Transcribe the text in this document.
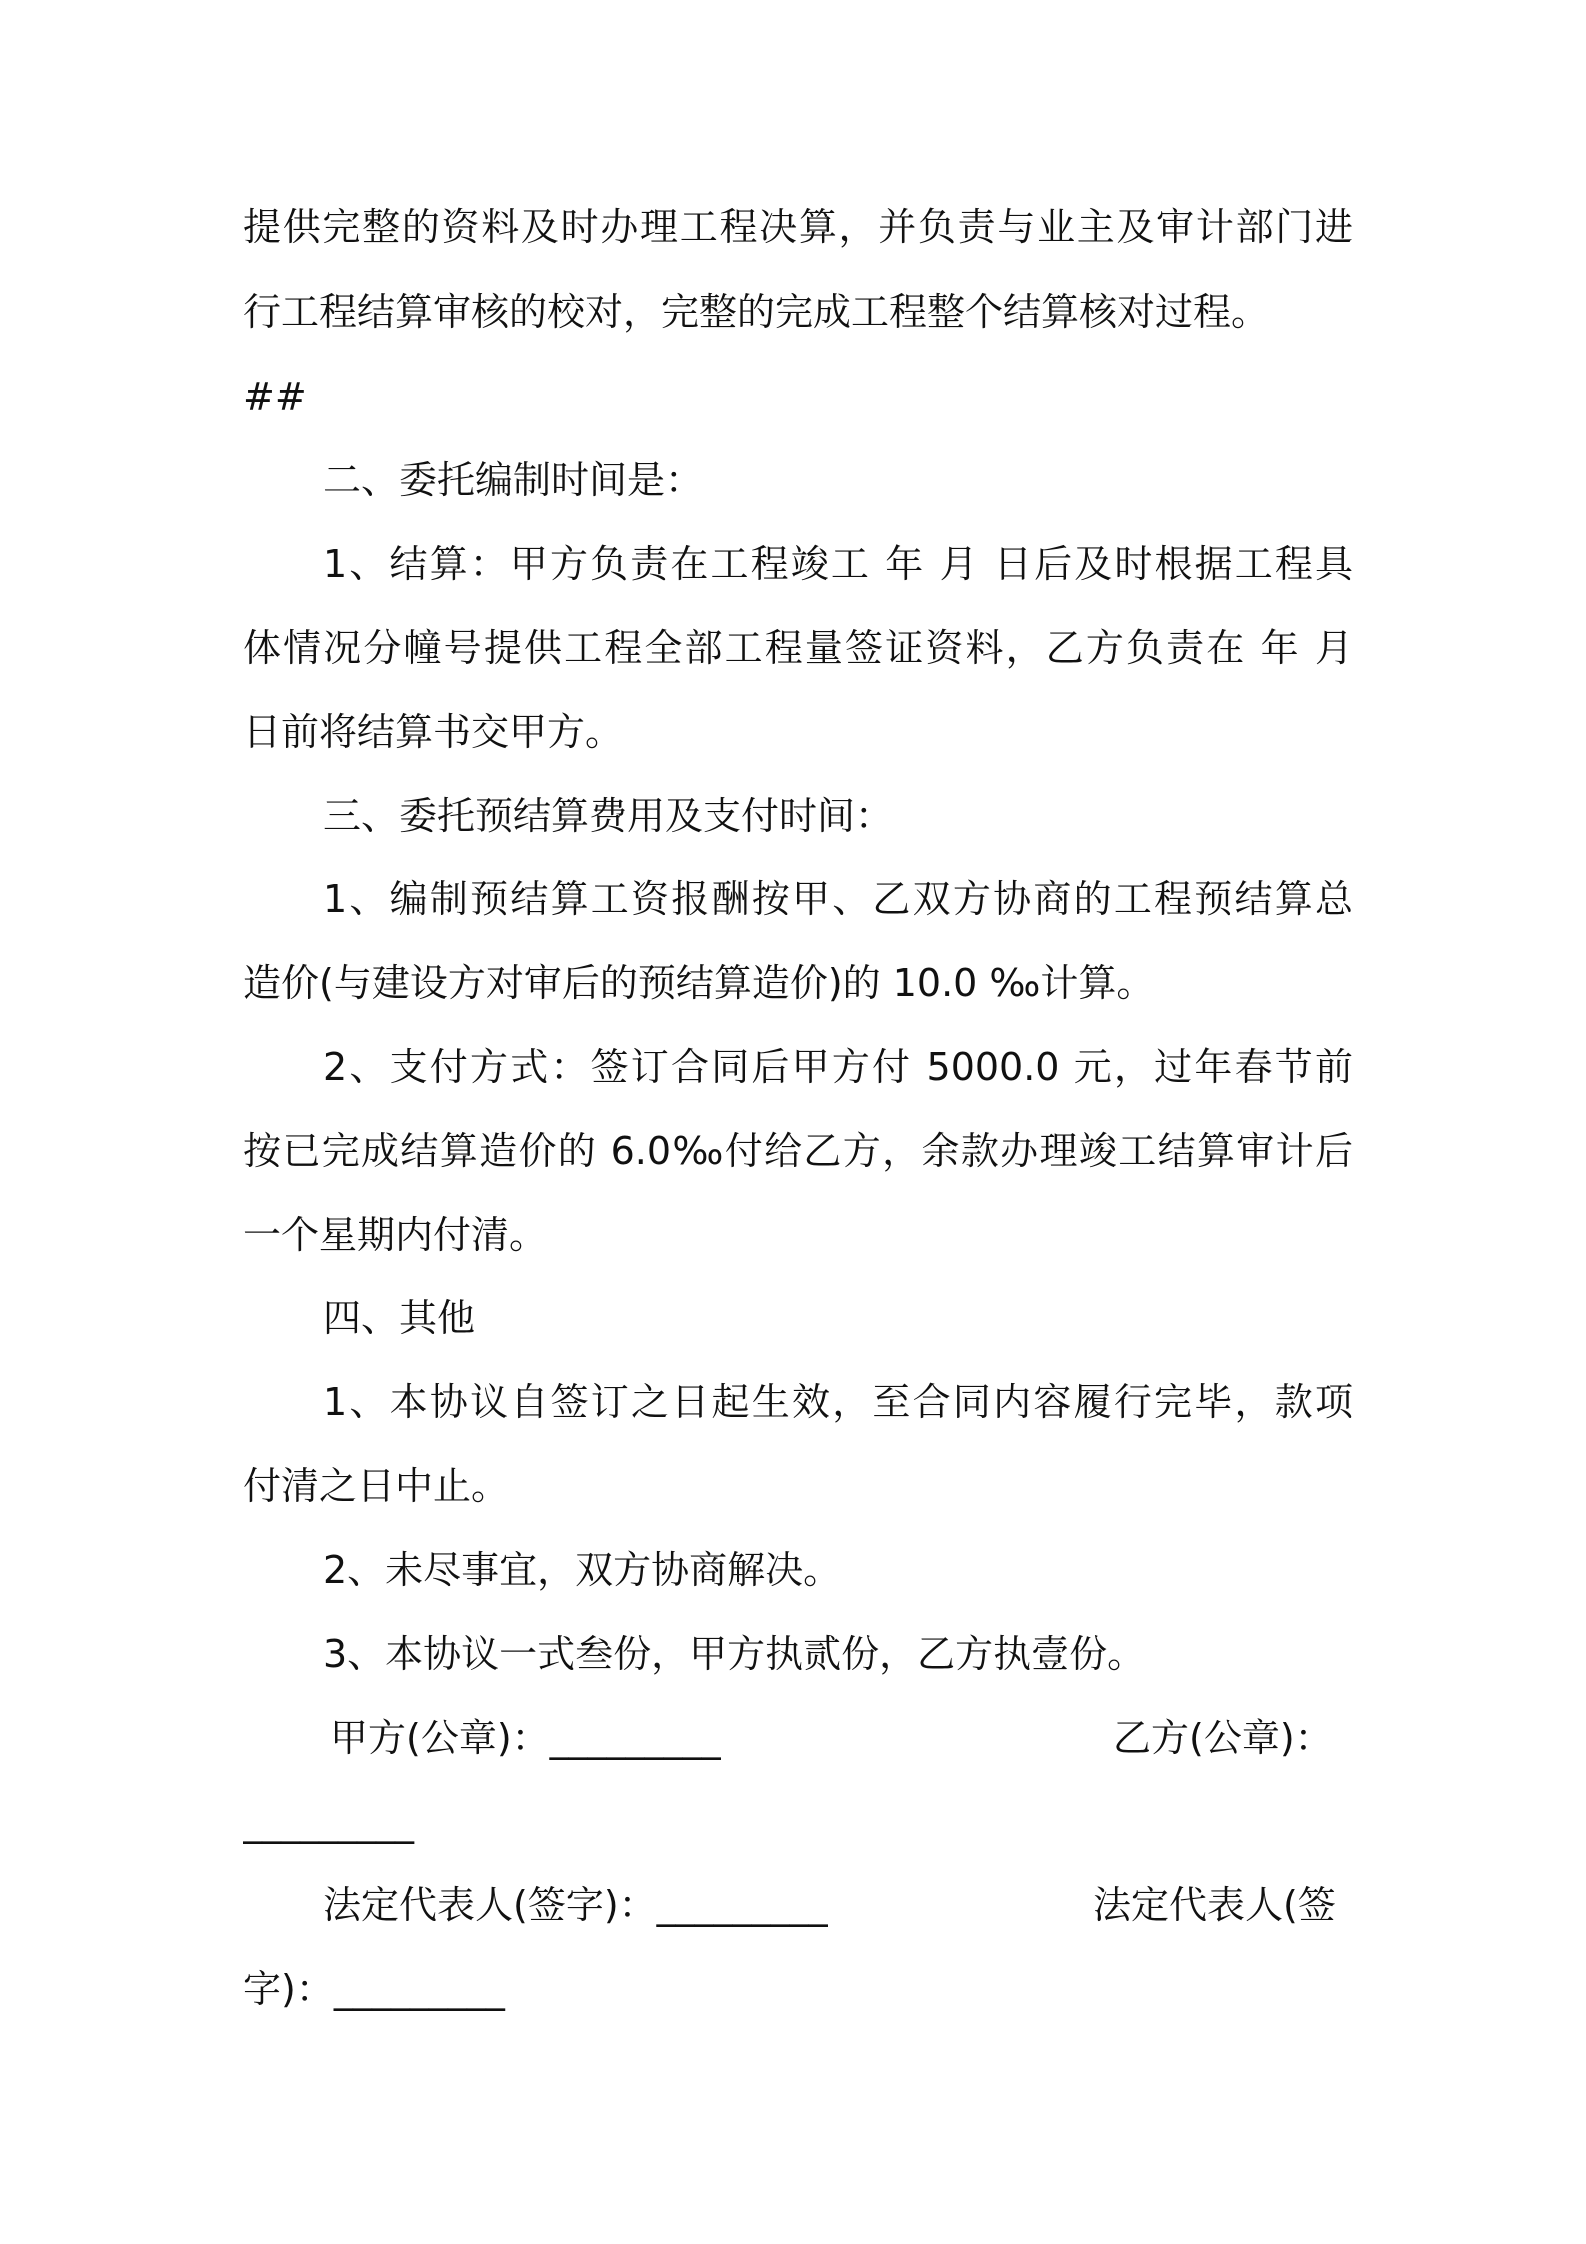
提供完整的资料及时办理工程决算，并负责与业主及审计部门进
行工程结算审核的校对，完整的完成工程整个结算核对过程。
##
二、委托编制时间是：
1、结算：甲方负责在工程竣工 年 月 日后及时根据工程具
体情况分幢号提供工程全部工程量签证资料，乙方负责在 年 月
日前将结算书交甲方。
三、委托预结算费用及支付时间：
1、编制预结算工资报酬按甲、乙双方协商的工程预结算总
造价(与建设方对审后的预结算造价)的 10.0 ‰计算。
2、支付方式：签订合同后甲方付 5000.0 元，过年春节前
按已完成结算造价的 6.0‰付给乙方，余款办理竣工结算审计后
一个星期内付清。
四、其他
1、本协议自签订之日起生效，至合同内容履行完毕，款项
付清之日中止。
2、未尽事宜，双方协商解决。
3、本协议一式叁份，甲方执贰份，乙方执壹份。
甲方(公章)：_________	乙方(公章)：
_________
法定代表人(签字)：_________	法定代表人(签
字)：_________
